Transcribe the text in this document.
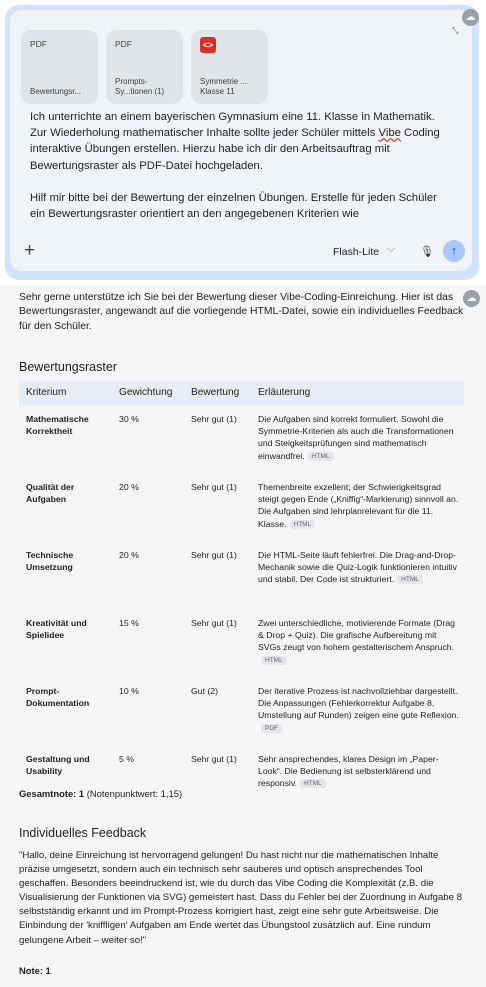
PDF
Bewertungsr...
PDF
Prompts-
Sy...tionen (1)
<>
Symmetrie ...
Klasse 11
⤡
☁

Ich unterrichte an einem bayerischen Gymnasium eine 11. Klasse in Mathematik. Zur Wiederholung mathematischer Inhalte sollte jeder Schüler mittels Vibe Coding interaktive Übungen erstellen. Hierzu habe ich dir den Arbeitsauftrag mit Bewertungsraster als PDF-Datei hochgeladen.

Hilf mir bitte bei der Bewertung der einzelnen Übungen. Erstelle für jeden Schüler ein Bewertungsraster orientiert an den angegebenen Kriterien wie

+	Flash-Lite ﹀ 🎙	↑
☁
Sehr gerne unterstütze ich Sie bei der Bewertung dieser Vibe-Coding-Einreichung. Hier ist das Bewertungsraster, angewandt auf die vorliegende HTML-Datei, sowie ein individuelles Feedback für den Schüler.
Bewertungsraster
Kriterium	Gewichtung	Bewertung	Erläuterung
Mathematische Korrektheit	30 %	Sehr gut (1)	Die Aufgaben sind korrekt formuliert. Sowohl die Symmetrie-Kriterien als auch die Transformationen und Steigkeitsprüfungen sind mathematisch einwandfrei. HTML
Qualität der Aufgaben	20 %	Sehr gut (1)	Themenbreite exzellent; der Schwierigkeitsgrad steigt gegen Ende („Kniffig“-Markierung) sinnvoll an. Die Aufgaben sind lehrplanrelevant für die 11. Klasse. HTML
Technische Umsetzung	20 %	Sehr gut (1)	Die HTML-Seite läuft fehlerfrei. Die Drag-and-Drop-Mechanik sowie die Quiz-Logik funktionieren intuitiv und stabil. Der Code ist strukturiert. HTML
Kreativität und Spielidee	15 %	Sehr gut (1)	Zwei unterschiedliche, motivierende Formate (Drag & Drop + Quiz). Die grafische Aufbereitung mit SVGs zeugt von hohem gestalterischem Anspruch.HTML
Prompt-Dokumentation	10 %	Gut (2)	Der iterative Prozess ist nachvollziehbar dargestellt. Die Anpassungen (Fehlerkorrektur Aufgabe 8, Umstellung auf Runden) zeigen eine gute Reflexion.PDF
Gestaltung und Usability	5 %	Sehr gut (1)	Sehr ansprechendes, klares Design im „Paper-Look“. Die Bedienung ist selbsterklärend und responsiv. HTML
Gesamtnote: 1 (Notenpunktwert: 1,15)
Individuelles Feedback
"Hallo, deine Einreichung ist hervorragend gelungen! Du hast nicht nur die mathematischen Inhalte präzise umgesetzt, sondern auch ein technisch sehr sauberes und optisch ansprechendes Tool geschaffen. Besonders beeindruckend ist, wie du durch das Vibe Coding die Komplexität (z.B. die Visualisierung der Funktionen via SVG) gemeistert hast. Dass du Fehler bei der Zuordnung in Aufgabe 8 selbstständig erkannt und im Prompt-Prozess korrigiert hast, zeigt eine sehr gute Arbeitsweise. Die Einbindung der 'kniffligen' Aufgaben am Ende wertet das Übungstool zusätzlich auf. Eine rundum gelungene Arbeit – weiter so!"
Note: 1
